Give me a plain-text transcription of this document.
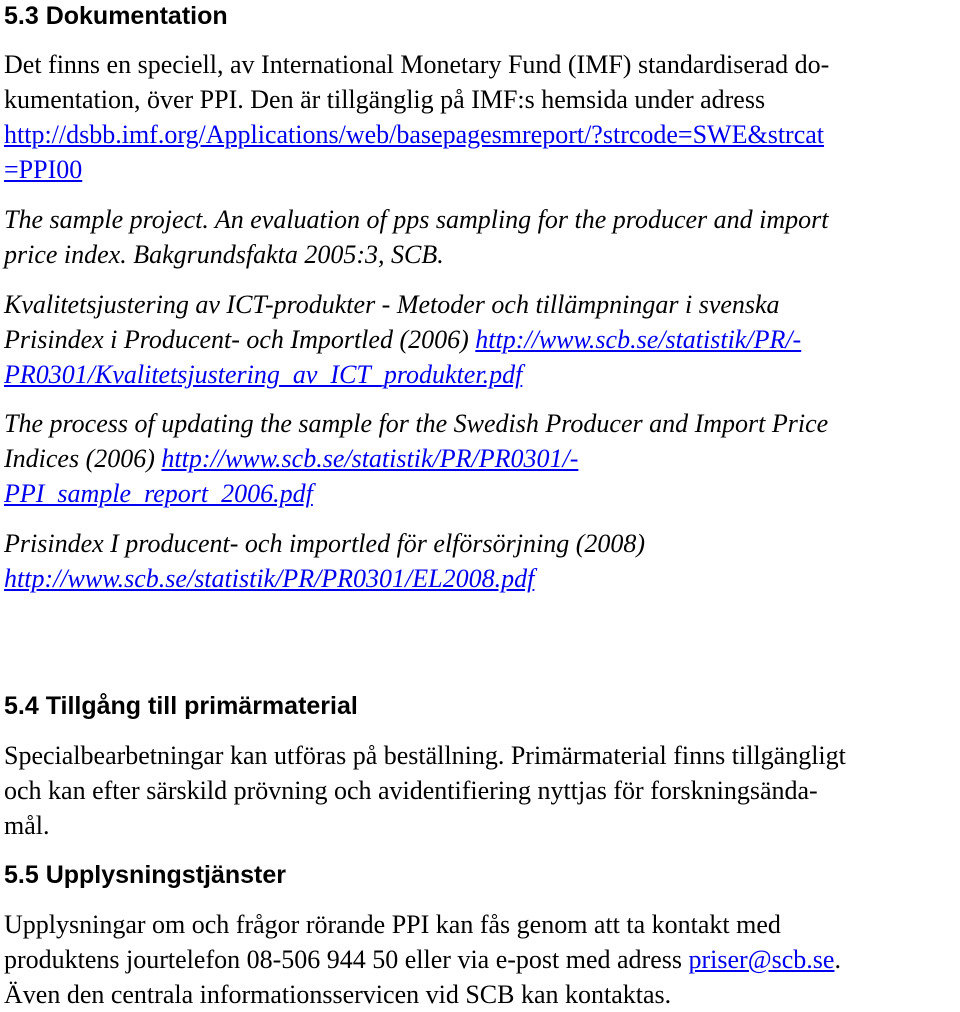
5.3 Dokumentation

Det finns en speciell, av International Monetary Fund (IMF) standardiserad do-

kumentation, över PPI. Den är tillgänglig på IMF:s hemsida under adress

http://dsbb.imf.org/Applications/web/basepagesmreport/?strcode=SWE&strcat

=PPI00

The sample project. An evaluation of pps sampling for the producer and import

price index. Bakgrundsfakta 2005:3, SCB.

Kvalitetsjustering av ICT-produkter - Metoder och tillämpningar i svenska

Prisindex i Producent- och Importled (2006) http://www.scb.se/statistik/PR/-

PR0301/Kvalitetsjustering_av_ICT_produkter.pdf

The process of updating the sample for the Swedish Producer and Import Price

Indices (2006) http://www.scb.se/statistik/PR/PR0301/-

PPI_sample_report_2006.pdf

Prisindex I producent- och importled för elförsörjning (2008)

http://www.scb.se/statistik/PR/PR0301/EL2008.pdf

5.4 Tillgång till primärmaterial

Specialbearbetningar kan utföras på beställning. Primärmaterial finns tillgängligt

och kan efter särskild prövning och avidentifiering nyttjas för forskningsända-

mål.

5.5 Upplysningstjänster

Upplysningar om och frågor rörande PPI kan fås genom att ta kontakt med

produktens jourtelefon 08-506 944 50 eller via e-post med adress priser@scb.se.

Även den centrala informationsservicen vid SCB kan kontaktas.
